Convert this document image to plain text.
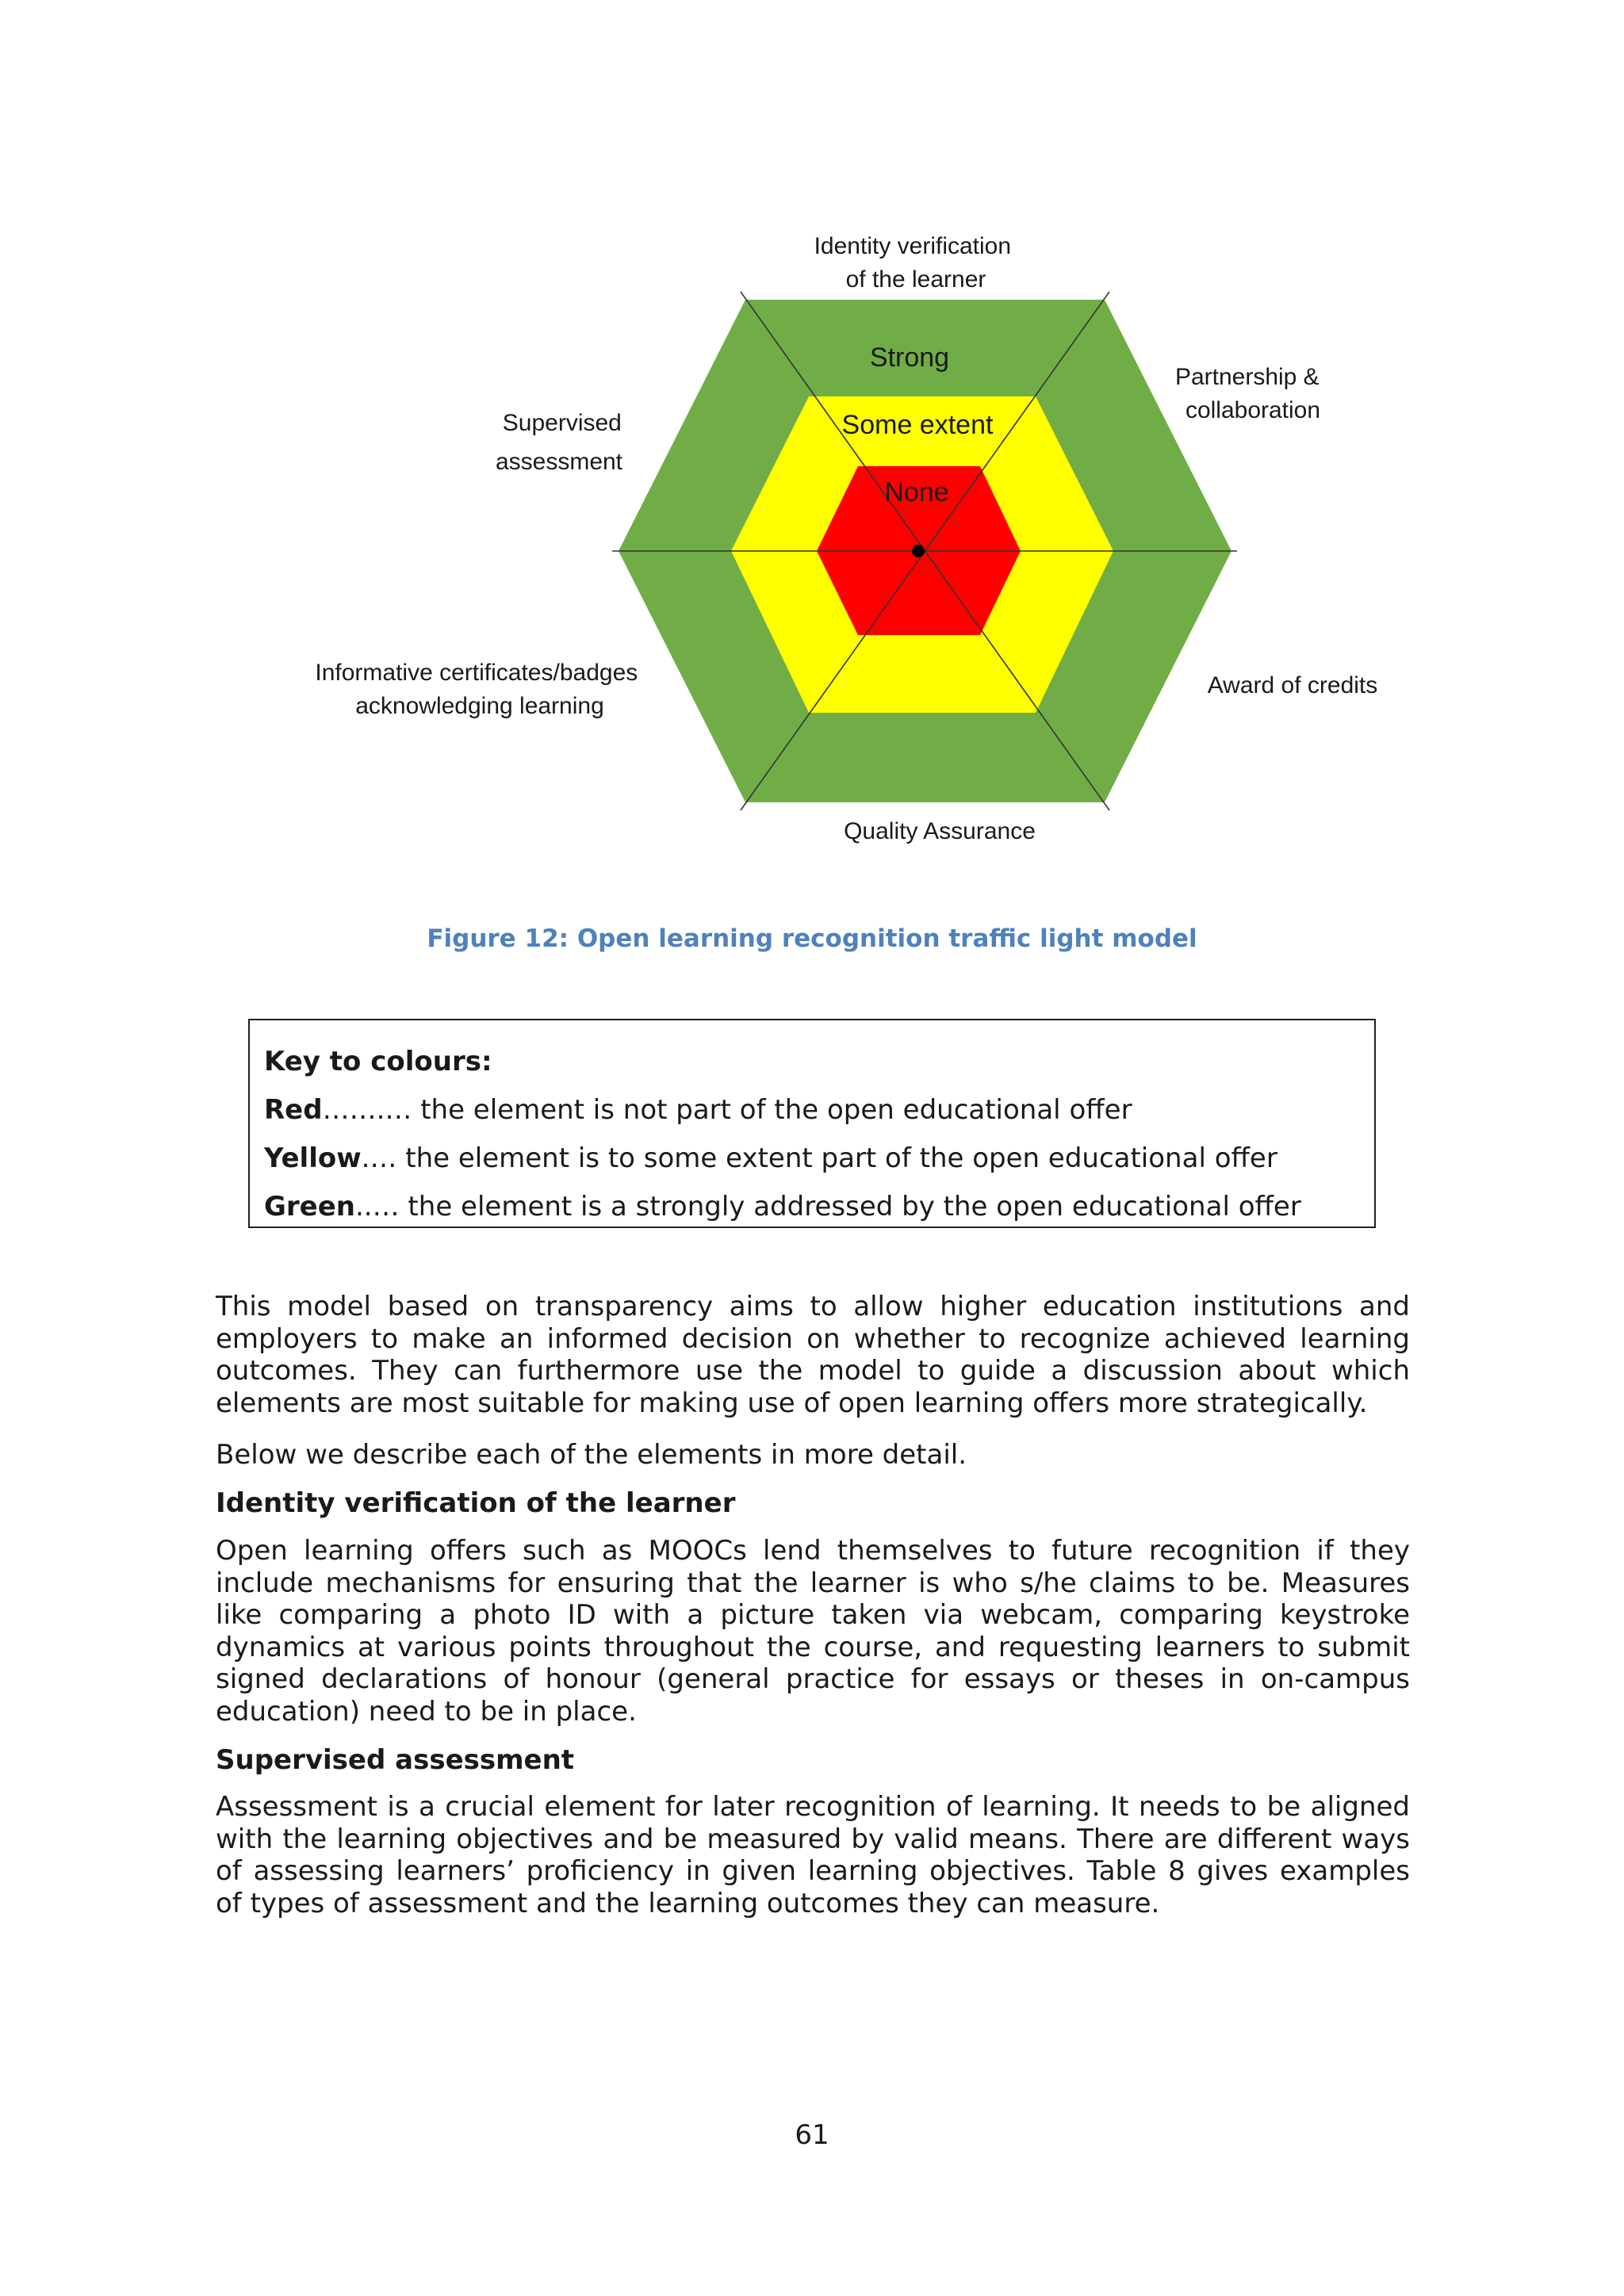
Strong
Some extent
None
Identity verification of the learner
Partnership & collaboration
Supervised assessment
Informative certificates/badges acknowledging learning
Award of credits
Quality Assurance
Figure 12: Open learning recognition traffic light model
Key to colours:
Red…….… the element is not part of the open educational offer
Yellow.… the element is to some extent part of the open educational offer
Green..… the element is a strongly addressed by the open educational offer

This model based on transparency aims to allow higher education institutions and employers to make an informed decision on whether to recognize achieved learning outcomes. They can furthermore use the model to guide a discussion about which elements are most suitable for making use of open learning offers more strategically.

Below we describe each of the elements in more detail.

Identity verification of the learner

Open learning offers such as MOOCs lend themselves to future recognition if they include mechanisms for ensuring that the learner is who s/he claims to be. Measures like comparing a photo ID with a picture taken via webcam, comparing keystroke dynamics at various points throughout the course, and requesting learners to submit signed declarations of honour (general practice for essays or theses in on-campus education) need to be in place.

Supervised assessment

Assessment is a crucial element for later recognition of learning. It needs to be aligned with the learning objectives and be measured by valid means. There are different ways of assessing learners’ proficiency in given learning objectives. Table 8 gives examples of types of assessment and the learning outcomes they can measure.

61
